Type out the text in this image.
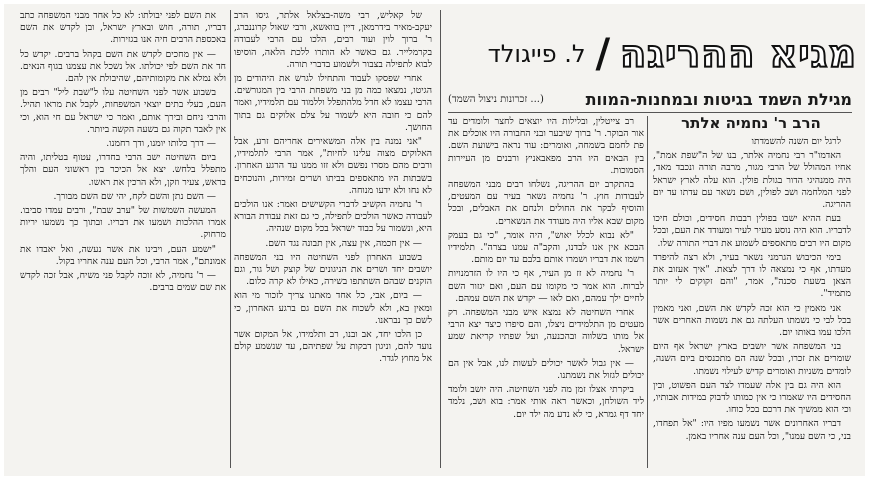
מגיא ההריגה
/
ל. פייגולד
מגילת השמד בגיטות ובמחנות-המוות
(... זכרונות ניצול השמד)
הרב ר' נחמיה אלתר

לרגל יום השנה להשמדתו

האדמו"ר רבי נחמיה אלתר, בנו של ה"שפת אמת", אחיו המהולל של הרבי מגור, מרבה תורה ונכבד מאד, היה ממנהיגי הדור בגולת פולין. הוא עלה לארץ ישראל לפני המלחמה ושב לפולין, ושם נשאר עם עדתו עד יום ההריגה.

בעת ההיא ישבו בפולין רבבות חסידים, וכולם חיכו לדבריו. הוא היה נוסע מעיר לעיר ומעודד את העם, ובכל מקום היו רבים מתאספים לשמוע את דברי התורה שלו.

בימי הכיבוש הגרמני נשאר בעיר, ולא רצה להיפרד מעדתו, אף כי נמצאה לו דרך לצאת. "איך אעזוב את הצאן בשעת סכנה", אמר, "והם זקוקים לי יותר מתמיד".

אני מאמין כי הוא זכה לקדש את השם, ואני מאמין בכל לבי כי נשמתו העלתה גם את נשמות האחרים אשר הלכו עמו באותו יום.

בני המשפחה אשר יושבים בארץ ישראל אף היום שומרים את זכרו, ובכל שנה הם מתכנסים ביום השנה, לומדים משניות ואומרים קדיש לעילוי נשמתו.

הוא היה גם בין אלה שעמדו לצד העם הפשוט, ובין החסידים היו שאמרו כי אין כמותו לדבוק במידות אבותיו, וכי הוא ממשיך את דרכם בכל כוחו.

דבריו האחרונים אשר נשמעו מפיו היו: "אל תפחדו, בני, כי השם עמנו", וכל העם ענה אחריו באמן.

רב צייטלין, ובלילות היו יוצאים לחצר ולומדים עד אור הבוקר. ר' ברוך שיבער ובני החבורה היו אוכלים את פת לחמם בשמחה, ואומרים: עוד נראה בישועת השם. בין הבאים היו הרב מפאבאניץ ורבנים מן העיירות הסמוכות.

בהתקרב יום ההריגה, נשלחו רבים מבני המשפחה לעבודות חוץ. ר' נחמיה נשאר בעיר עם המעטים, והוסיף לבקר את החולים ולנחם את האבלים, ובכל מקום שבא אליו היה מעודד את הנשארים.

"לא נבוא לכלל יאוש", היה אומר, "כי גם בעמק הבכא אין אנו לבדנו, והקב"ה עמנו בצרה". תלמידיו רשמו את דבריו ושמרו אותם בלבם עד יום מותם.

ר' נחמיה לא זז מן העיר, אף כי היו לו הזדמנויות לברוח. הוא אמר כי מקומו עם העם, ואם יגזור השם לחיים ילך עמהם, ואם לאו — יקדש את השם עמהם.

אחרי השחיטה לא נמצא איש מבני המשפחה. רק מעטים מן התלמידים ניצלו, והם סיפרו כיצד יצא הרבי אל מותו בשלווה ובהכנעה, ועל שפתיו קריאת שמע ישראל.

— אין גבול לאשר יכולים לעשות לנו, אבל אין הם יכולים לגזול את נשמתנו.

ביקרתי אצלו זמן מה לפני השחיטה. היה יושב ולומד ליד השולחן, וכאשר ראה אותי אמר: בוא ושב, נלמד יחד דף גמרא, כי לא נדע מה ילד יום.

של קאליש, רבי משה-בצלאל אלתר, גיסו הרב יעקב-מאיר בידרמאן, דיין בוואשא, ורבי שאול קרוננברג, ר' ברוך לוין ועוד רבים, הלכו עם הרבי לעבודה בקרמלייר. גם כאשר לא הותרו ללכת הלאה, הוסיפו לבוא לתפילה בצבור ולשמוע בדברי תורה.

אחרי שפסקו לעבוד והתחילו לגרש את היהודים מן הגיטו, נמצאו כמה מן בני משפחת הרבי בין המגורשים. הרבי עצמו לא חדל מלהתפלל וללמוד עם תלמידיו, ואמר להם כי חובה היא לשמור על צלם אלוקים גם בתוך החושך.

"אני נמנה בין אלה המשאירים אחריהם זרע, אבל האלוקים מצוה עלינו לחיות", אמר הרבי לתלמידיו, ורבים מהם מסרו נפשם ולא זזו ממנו עד הרגע האחרון. בשבתות היו מתאספים בביתו ושרים זמירות, והנוכחים לא נחו ולא ידעו מנוחה.

ר' נחמיה הקשיב לדברי הקשישים ואמר: אנו הולכים לעבודה כאשר הולכים לתפילה, כי גם זאת עבודת הבורא היא, ונשמור על כבוד ישראל בכל מקום שנהיה.

— אין חכמה, אין עצה, אין תבונה נגד השם.

בשבוע האחרון לפני השחיטה היו בני המשפחה יושבים יחד ושרים את הניגונים של קוצק ושל גור, וגם הזקנים שבהם השתתפו בשירה, כאילו לא קרה כלום.

— ביום, אבי, כל אחד מאתנו צריך לזכור מי הוא ומאין בא, ולא לשכוח את השם גם ברגע האחרון, כי לשם כך נבראנו.

כן הלכו יחד, אב ובנו, רב ותלמידו, אל המקום אשר נועד להם, וניגון דבקות על שפתיהם, עד שנשמע קולם אל מחוץ לגדר.

את השם לפני יבולתו: לא כל אחד מבני המשפחה כתב דבריו, תורה, חוש ובארץ ישראל, ובן לקדש את השם באכספת הרבים חיה אנו בגזירות.

— אין מחכים לקדש את השם בקהל ברבים. יקדש כל חד את השם לפי יכולתו. אל נשכל את עצמנו בגוף הנאים. ולא נמלא את מקומותיהם, שהיבולת אין להם.

בשבוע אשר לפני השחיטה עלו ל"שבת ליל" רבים מן העם, בעלי בתים יוצאי המשפחות, לקבל את מראו תהיל. והרבי ניחם ובירך אותם, ואמר כי ישראל עם חי הוא, וכי אין לאבד תקוה גם בשעה הקשה ביותר.

— דרך כלותו יומנו, ודך רחמנו.

ביום השחיטה ישב הרבי בחדרו, עטוף בטליתו, והיה מתפלל בלחש. יצא אל הכיכר בין ראשוני העם והלך בראש, צעיר וזקן, ולא הרכין את ראשו.

— השם נתן והשם לקח, יהי שם השם מבורך.

המעשה השמשות של "ערב שבת", ורבים עמדו סביבו. אמרו ההלכות ושמעו את דבריו. ובתוך כך נשמעו יריות מרחוק.

"ישמע העם, ויבינו את אשר נעשה, ואל יאבדו את אמונתם", אמר הרבי, וכל העם ענה אחריו בקול.

— ר' נחמיה, לא זוכה לקבל פני משיח, אבל זכה לקדש את שם שמים ברבים.
